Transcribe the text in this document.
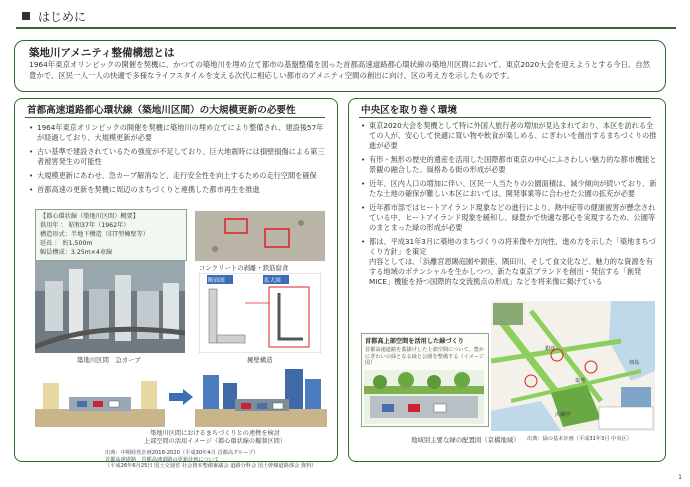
はじめに
築地川アメニティ整備構想とは
1964年東京オリンピックの開催を契機に、かつての築地川を埋め立て都市の基盤整備を図った首都高速道路都心環状線の築地川区間において、東京2020大会を迎えようとする今日、自然豊かで、区民一人一人の快適で多様なライフスタイルを支える次代に相応しい都市のアメニティ空間の創出に向け、区の考え方を示したものです。
首都高速道路都心環状線（築地川区間）の大規模更新の必要性
• 1964年東京オリンピックの開催を契機に築地川の埋め立てにより整備され、建設後57年が経過しており、大規模更新が必要
• 古い基準で建設されているため強度が不足しており、巨大地震時には損壁損傷による第三者被害発生の可能性
• 大規模更新にあわせ、急カーブ解消など、走行安全性を向上するための走行空間を確保
• 首都高速の更新を契機に周辺のまちづくりと連携した都市再生を推進
【都心環状線（築地川区間）概要】
供用年 ： 昭和37年（1962年）
構造形式：半地下構造（旧T型擁壁等）
延長 ： 約1,500m
幅員構成：3.25m×4車線
築地川区間　急カーブ
コンクリートの剥離・鉄筋腐食
断面図	拡大図
擁壁構造
築地川区間におけるまちづくりとの連携を検討
上部空間の活用イメージ（都心環状線の擬制区間）
出典：中期経営計画2018-2020（平成30年4月 首都高グループ）
首都高速道路　首都高速道路の更新計画について
（平成26年6月25日 国土交通省 社会資本整備審議会 道路分科会 国土幹線道路部会 資料）
中央区を取り巻く環境
• 東京2020大会を契機として特に外国人旅行者の増加が見込まれており、本区を訪れる全ての人が、安心して快適に買い物や飲食が楽しめる、にぎわいを創出するまちづくりの推進が必要
• 有形・無形の歴史的遺産を活用した国際都市東京の中心にふさわしい魅力的な都市機能と景観の融合した、風格ある街の形成が必要
• 近年、区内人口の増加に伴い、区民一人当たりの公園面積は、減少傾向が続いており、新たな土地の確保が難しい本区においては、開発事業等に合わせた公園の拡充が必要
• 近年都市部ではヒートアイランド現象などの進行により、熱中症等の健康被害が懸念されている中、ヒートアイランド現象を緩和し、緑豊かで快適な都心を実現するため、公園等のまとまった緑の形成が必要
• 都は、平成31年3月に築地のまちづくりの将来像や方向性、進め方を示した「築地まちづくり方針」を策定
内容としては、「浜離宮恩賜庭園や銀座、隅田川、そして食文化など、魅力的な資源を有する地域のポテンシャルを生かしつつ、新たな東京ブランドを創出・発信する「創発MICE」機能を持つ国際的な交流拠点の形成」などを将来像に掲げている
首都高上部空間を活用した緑づくり
首都高速道路を蓋掛けした上部空間について、豊かにぎわいの緑となる緑と公園を整備する（イメージ図）
銀座
築地
浜離宮
佃島
地域別主要な緑の配置図（京橋地域） 出典：緑の基本計画（平成31年3月 中央区）
1
